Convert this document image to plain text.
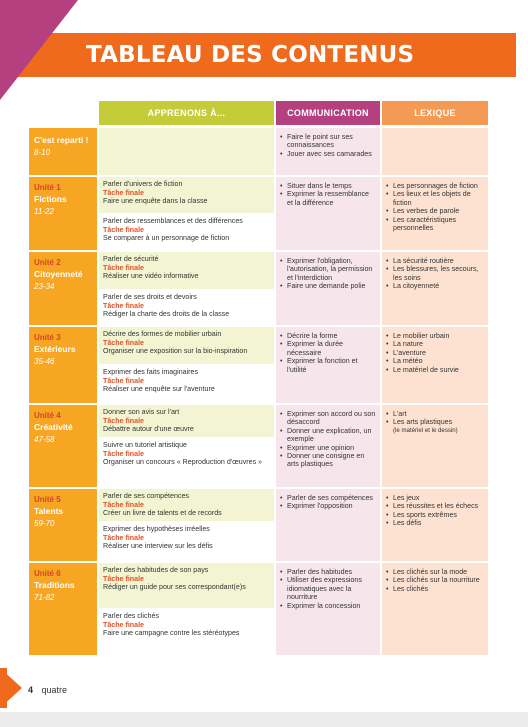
TABLEAU DES CONTENUS
APPRENONS À...	COMMUNICATION	LEXIQUE
C'est reparti !
8-10
• Faire le point sur ses connaissances
• Jouer avec ses camarades
Unité 1
Fictions
11-22
Parler d'univers de fiction
Tâche finale
Faire une enquête dans la classe
Parler des ressemblances et des différences
Tâche finale
Se comparer à un personnage de fiction
• Situer dans le temps
• Exprimer la ressemblance et la différence
• Les personnages de fiction
• Les lieux et les objets de fiction
• Les verbes de parole
• Les caractéristiques personnelles
Unité 2
Citoyenneté
23-34
Parler de sécurité
Tâche finale
Réaliser une vidéo informative
Parler de ses droits et devoirs
Tâche finale
Rédiger la charte des droits de la classe
• Exprimer l'obligation, l'autorisation, la permission et l'interdiction
• Faire une demande polie
• La sécurité routière
• Les blessures, les secours, les soins
• La citoyenneté
Unité 3
Extérieurs
35-46
Décrire des formes de mobilier urbain
Tâche finale
Organiser une exposition sur la bio-inspiration
Exprimer des faits imaginaires
Tâche finale
Réaliser une enquête sur l'aventure
• Décrire la forme
• Exprimer la durée nécessaire
• Exprimer la fonction et l'utilité
• Le mobilier urbain
• La nature
• L'aventure
• La météo
• Le matériel de survie
Unité 4
Créativité
47-58
Donner son avis sur l'art
Tâche finale
Débattre autour d'une œuvre
Suivre un tutoriel artistique
Tâche finale
Organiser un concours « Reproduction d'œuvres »
• Exprimer son accord ou son désaccord
• Donner une explication, un exemple
• Exprimer une opinion
• Donner une consigne en arts plastiques
• L'art
• Les arts plastiques
(le matériel et le dessin)
Unité 5
Talents
59-70
Parler de ses compétences
Tâche finale
Créer un livre de talents et de records
Exprimer des hypothèses irréelles
Tâche finale
Réaliser une interview sur les défis
• Parler de ses compétences
• Exprimer l'opposition
• Les jeux
• Les réussites et les échecs
• Les sports extrêmes
• Les défis
Unité 6
Traditions
71-82
Parler des habitudes de son pays
Tâche finale
Rédiger un guide pour ses correspondant(e)s
Parler des clichés
Tâche finale
Faire une campagne contre les stéréotypes
• Parler des habitudes
• Utiliser des expressions idiomatiques avec la nourriture
• Exprimer la concession
• Les clichés sur la mode
• Les clichés sur la nourriture
• Les clichés
4 quatre
